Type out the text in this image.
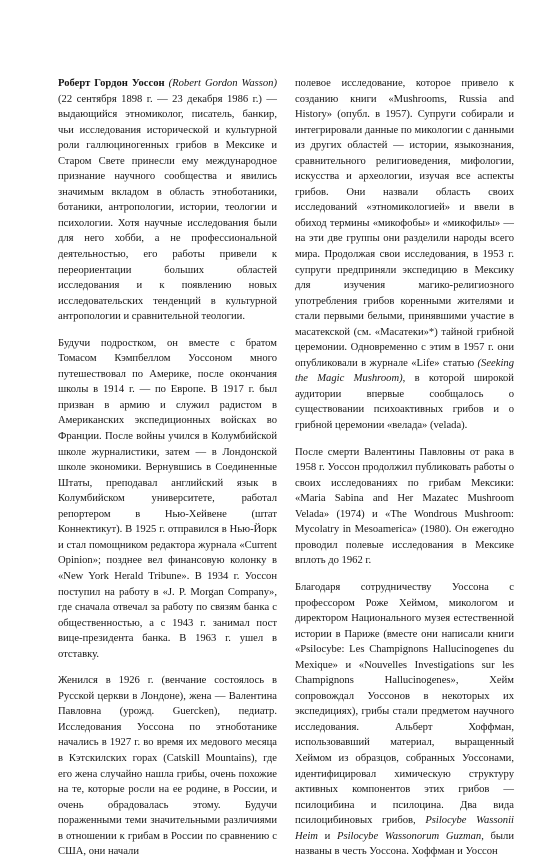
Роберт Гордон Уоссон (Robert Gordon Wasson) (22 сентября 1898 г. — 23 декабря 1986 г.) — выдающийся этномиколог, писатель, банкир, чьи исследования исторической и культурной роли галлюциногенных грибов в Мексике и Старом Свете принесли ему международное признание научного сообщества и явились значимым вкладом в область этноботаники, ботаники, антропологии, истории, теологии и психологии. Хотя научные исследования были для него хобби, а не профессиональной деятельностью, его работы привели к переориентации больших областей исследования и к появлению новых исследовательских тенденций в культурной антропологии и сравнительной теологии.

Будучи подростком, он вместе с братом Томасом Кэмпбеллом Уоссоном много путешествовал по Америке, после окончания школы в 1914 г. — по Европе. В 1917 г. был призван в армию и служил радистом в Американских экспедиционных войсках во Франции. После войны учился в Колумбийской школе журналистики, затем — в Лондонской школе экономики. Вернувшись в Соединенные Штаты, преподавал английский язык в Колумбийском университете, работал репортером в Нью-Хейвене (штат Коннектикут). В 1925 г. отправился в Нью-Йорк и стал помощником редактора журнала «Current Opinion»; позднее вел финансовую колонку в «New York Herald Tribune». В 1934 г. Уоссон поступил на работу в «J. P. Morgan Company», где сначала отвечал за работу по связям банка с общественностью, а с 1943 г. занимал пост вице-президента банка. В 1963 г. ушел в отставку.

Женился в 1926 г. (венчание состоялось в Русской церкви в Лондоне), жена — Валентина Павловна (урожд. Guercken), педиатр. Исследования Уоссона по этноботанике начались в 1927 г. во время их медового месяца в Кэтскилских горах (Catskill Mountains), где его жена случайно нашла грибы, очень похожие на те, которые росли на ее родине, в России, и очень обрадовалась этому. Будучи пораженными теми значительными различиями в отношении к грибам в России по сравнению с США, они начали

полевое исследование, которое привело к созданию книги «Mushrooms, Russia and History» (опубл. в 1957). Супруги собирали и интегрировали данные по микологии с данными из других областей — истории, языкознания, сравнительного религиоведения, мифологии, искусства и археологии, изучая все аспекты грибов. Они назвали область своих исследований «этномикологией» и ввели в обиход термины «микофобы» и «микофилы» — на эти две группы они разделили народы всего мира. Продолжая свои исследования, в 1953 г. супруги предприняли экспедицию в Мексику для изучения магико-религиозного употребления грибов коренными жителями и стали первыми белыми, принявшими участие в масатекской (см. «Масатеки»*) тайной грибной церемонии. Одновременно с этим в 1957 г. они опубликовали в журнале «Life» статью (Seeking the Magic Mushroom), в которой широкой аудитории впервые сообщалось о существовании психоактивных грибов и о грибной церемонии «велада» (velada).

После смерти Валентины Павловны от рака в 1958 г. Уоссон продолжил публиковать работы о своих исследованиях по грибам Мексики: «Maria Sabina and Her Mazatec Mushroom Velada» (1974) и «The Wondrous Mushroom: Mycolatry in Mesoamerica» (1980). Он ежегодно проводил полевые исследования в Мексике вплоть до 1962 г.

Благодаря сотрудничеству Уоссона с профессором Роже Хеймом, микологом и директором Национального музея естественной истории в Париже (вместе они написали книги «Psilocybe: Les Champignons Hallucinogenes du Mexique» и «Nouvelles Investigations sur les Champignons Hallucinogenes», Хейм сопровождал Уоссонов в некоторых их экспедициях), грибы стали предметом научного исследования. Альберт Хоффман, использовавший материал, выращенный Хеймом из образцов, собранных Уоссонами, идентифицировал химическую структуру активных компонентов этих грибов — псилоцибина и псилоцина. Два вида псилоцибиновых грибов, Psilocybe Wassonii Heim и Psilocybe Wassonorum Guzman, были названы в честь Уоссона. Хоффман и Уоссон
